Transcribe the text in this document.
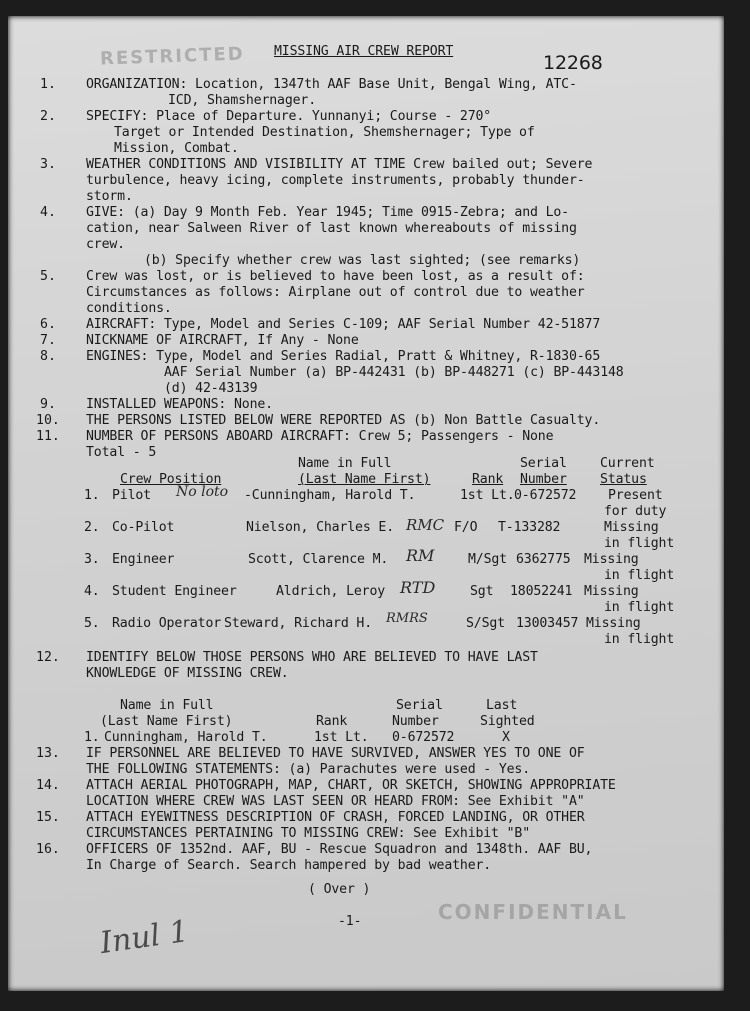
RESTRICTED MISSING AIR CREW REPORT
12268
1. ORGANIZATION: Location, 1347th AAF Base Unit, Bengal Wing, ATC-
ICD, Shamshernager.
2. SPECIFY: Place of Departure. Yunnanyi; Course - 270°
Target or Intended Destination, Shemshernager; Type of
Mission, Combat.
3. WEATHER CONDITIONS AND VISIBILITY AT TIME Crew bailed out; Severe
turbulence, heavy icing, complete instruments, probably thunder-
storm.
4. GIVE: (a) Day 9 Month Feb. Year 1945; Time 0915-Zebra; and Lo-
cation, near Salween River of last known whereabouts of missing
crew.
(b) Specify whether crew was last sighted; (see remarks)
5. Crew was lost, or is believed to have been lost, as a result of:
Circumstances as follows: Airplane out of control due to weather
conditions.
6. AIRCRAFT: Type, Model and Series C-109; AAF Serial Number 42-51877
7. NICKNAME OF AIRCRAFT, If Any - None
8. ENGINES: Type, Model and Series Radial, Pratt & Whitney, R-1830-65
AAF Serial Number (a) BP-442431 (b) BP-448271 (c) BP-443148
(d) 42-43139
9. INSTALLED WEAPONS: None.
10. THE PERSONS LISTED BELOW WERE REPORTED AS (b) Non Battle Casualty.
11. NUMBER OF PERSONS ABOARD AIRCRAFT: Crew 5; Passengers - None
Total - 5
Name in Full	Serial	Current
Crew Position	(Last Name First)	Rank Number	Status
1. Pilot No loto -Cunningham, Harold T.	1st Lt. 0-672572 Present
for duty
2. Co-Pilot	Nielson, Charles E. RMC F/O T-133282	Missing
in flight
3. Engineer	Scott, Clarence M. RM	M/Sgt 6362775 Missing
in flight
4. Student Engineer	Aldrich, Leroy RTD	Sgt 18052241 Missing
in flight
5. Radio Operator Steward, Richard H. RMRS	S/Sgt 13003457 Missing
in flight
12. IDENTIFY BELOW THOSE PERSONS WHO ARE BELIEVED TO HAVE LAST
KNOWLEDGE OF MISSING CREW.
Name in Full	Serial	Last
(Last Name First)	Rank	Number	Sighted
1. Cunningham, Harold T.	1st Lt. 0-672572	X
13. IF PERSONNEL ARE BELIEVED TO HAVE SURVIVED, ANSWER YES TO ONE OF
THE FOLLOWING STATEMENTS: (a) Parachutes were used - Yes.
14. ATTACH AERIAL PHOTOGRAPH, MAP, CHART, OR SKETCH, SHOWING APPROPRIATE
LOCATION WHERE CREW WAS LAST SEEN OR HEARD FROM: See Exhibit "A"
15. ATTACH EYEWITNESS DESCRIPTION OF CRASH, FORCED LANDING, OR OTHER
CIRCUMSTANCES PERTAINING TO MISSING CREW: See Exhibit "B"
16. OFFICERS OF 1352nd. AAF, BU - Rescue Squadron and 1348th. AAF BU,
In Charge of Search. Search hampered by bad weather.
( Over )
-1-	CONFIDENTIAL
Inul 1
